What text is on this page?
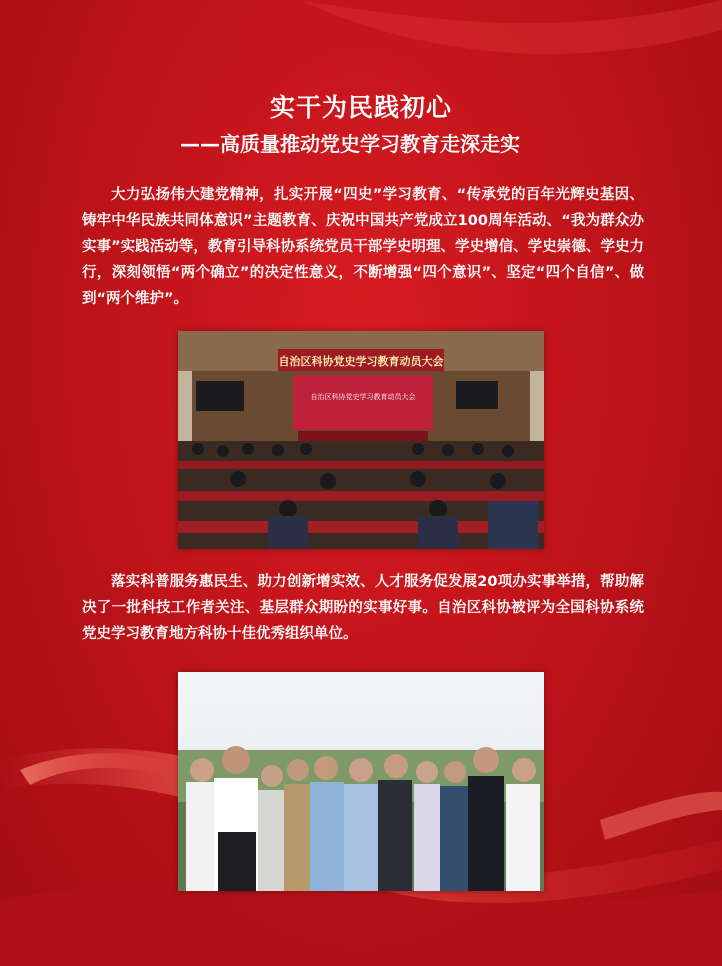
实干为民践初心
——高质量推动党史学习教育走深走实

大力弘扬伟大建党精神，扎实开展“四史”学习教育、“传承党的百年光辉史基因、铸牢中华民族共同体意识”主题教育、庆祝中国共产党成立100周年活动、“我为群众办实事”实践活动等，教育引导科协系统党员干部学史明理、学史增信、学史崇德、学史力行，深刻领悟“两个确立”的决定性意义，不断增强“四个意识”、坚定“四个自信”、做到“两个维护”。

自治区科协党史学习教育动员大会
自治区科协党史学习教育动员大会

落实科普服务惠民生、助力创新增实效、人才服务促发展20项办实事举措，帮助解决了一批科技工作者关注、基层群众期盼的实事好事。自治区科协被评为全国科协系统党史学习教育地方科协十佳优秀组织单位。
